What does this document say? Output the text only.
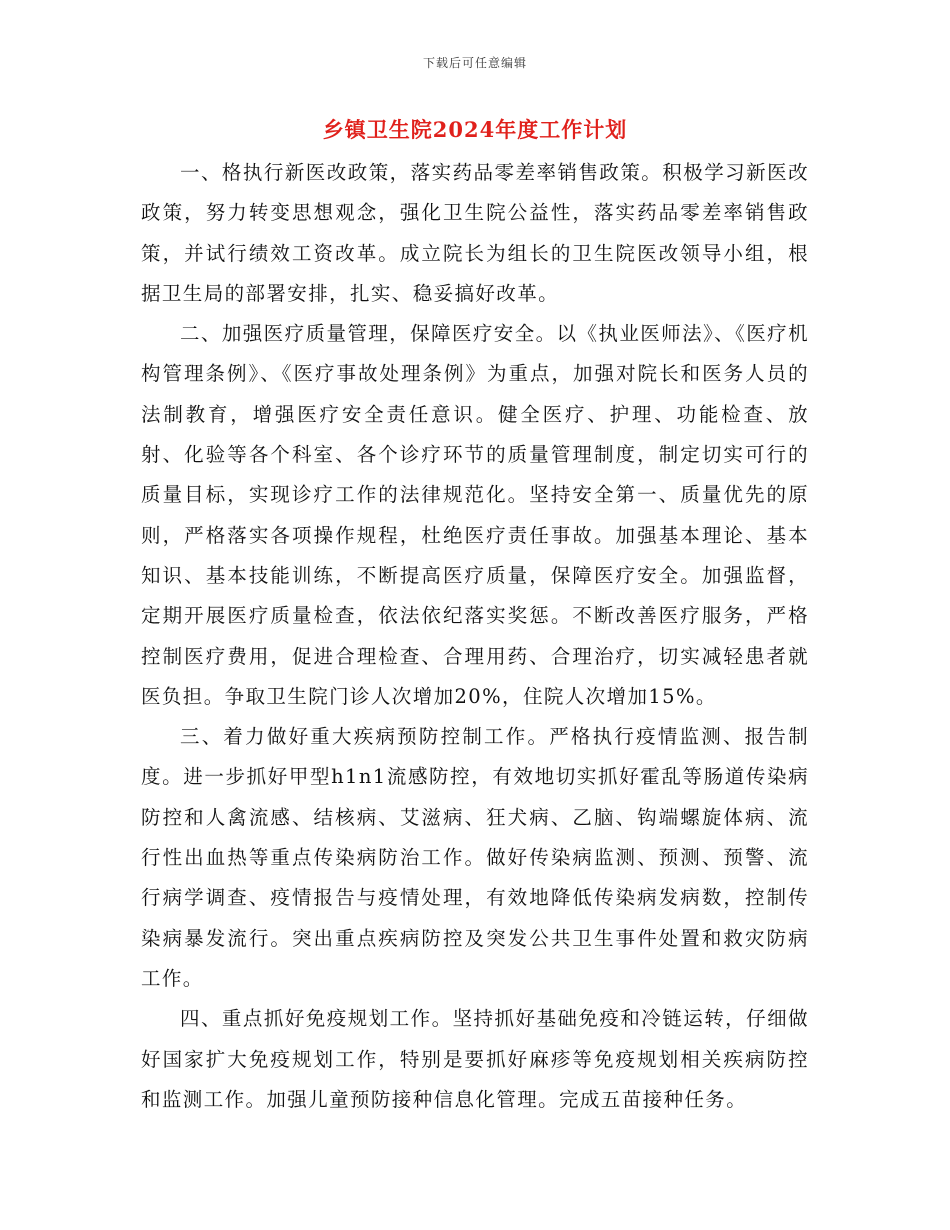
下载后可任意编辑
乡镇卫生院2024年度工作计划

一、格执行新医改政策，落实药品零差率销售政策。积极学习新医改政策，努力转变思想观念，强化卫生院公益性，落实药品零差率销售政策，并试行绩效工资改革。成立院长为组长的卫生院医改领导小组，根据卫生局的部署安排，扎实、稳妥搞好改革。

二、加强医疗质量管理，保障医疗安全。以《执业医师法》、《医疗机构管理条例》、《医疗事故处理条例》为重点，加强对院长和医务人员的法制教育，增强医疗安全责任意识。健全医疗、护理、功能检查、放射、化验等各个科室、各个诊疗环节的质量管理制度，制定切实可行的质量目标，实现诊疗工作的法律规范化。坚持安全第一、质量优先的原则，严格落实各项操作规程，杜绝医疗责任事故。加强基本理论、基本知识、基本技能训练，不断提高医疗质量，保障医疗安全。加强监督，定期开展医疗质量检查，依法依纪落实奖惩。不断改善医疗服务，严格控制医疗费用，促进合理检查、合理用药、合理治疗，切实减轻患者就医负担。争取卫生院门诊人次增加20%，住院人次增加15%。

三、着力做好重大疾病预防控制工作。严格执行疫情监测、报告制度。进一步抓好甲型h1n1流感防控，有效地切实抓好霍乱等肠道传染病防控和人禽流感、结核病、艾滋病、狂犬病、乙脑、钩端螺旋体病、流行性出血热等重点传染病防治工作。做好传染病监测、预测、预警、流行病学调查、疫情报告与疫情处理，有效地降低传染病发病数，控制传染病暴发流行。突出重点疾病防控及突发公共卫生事件处置和救灾防病工作。

四、重点抓好免疫规划工作。坚持抓好基础免疫和冷链运转，仔细做好国家扩大免疫规划工作，特别是要抓好麻疹等免疫规划相关疾病防控和监测工作。加强儿童预防接种信息化管理。完成五苗接种任务。
